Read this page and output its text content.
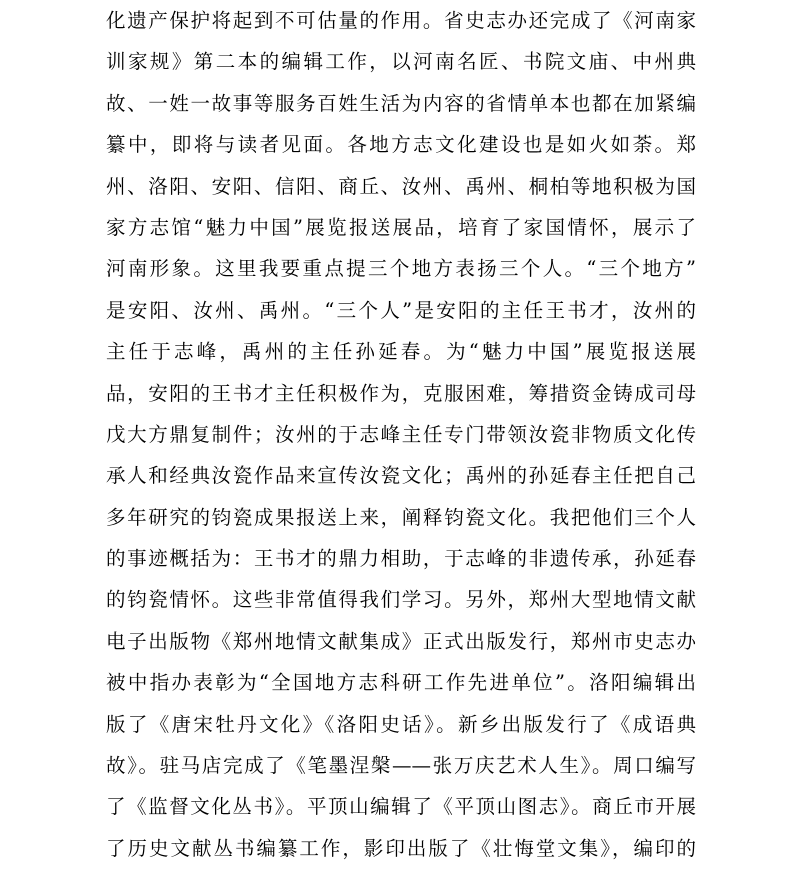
化遗产保护将起到不可估量的作用。省史志办还完成了《河南家
训家规》第二本的编辑工作，以河南名匠、书院文庙、中州典
故、一姓一故事等服务百姓生活为内容的省情单本也都在加紧编
纂中，即将与读者见面。各地方志文化建设也是如火如荼。郑
州、洛阳、安阳、信阳、商丘、汝州、禹州、桐柏等地积极为国
家方志馆“魅力中国”展览报送展品，培育了家国情怀，展示了
河南形象。这里我要重点提三个地方表扬三个人。“三个地方”
是安阳、汝州、禹州。“三个人”是安阳的主任王书才，汝州的
主任于志峰，禹州的主任孙延春。为“魅力中国”展览报送展
品，安阳的王书才主任积极作为，克服困难，筹措资金铸成司母
戊大方鼎复制件；汝州的于志峰主任专门带领汝瓷非物质文化传
承人和经典汝瓷作品来宣传汝瓷文化；禹州的孙延春主任把自己
多年研究的钧瓷成果报送上来，阐释钧瓷文化。我把他们三个人
的事迹概括为：王书才的鼎力相助，于志峰的非遗传承，孙延春
的钧瓷情怀。这些非常值得我们学习。另外，郑州大型地情文献
电子出版物《郑州地情文献集成》正式出版发行，郑州市史志办
被中指办表彰为“全国地方志科研工作先进单位”。洛阳编辑出
版了《唐宋牡丹文化》《洛阳史话》。新乡出版发行了《成语典
故》。驻马店完成了《笔墨涅槃——张万庆艺术人生》。周口编写
了《监督文化丛书》。平顶山编辑了《平顶山图志》。商丘市开展
了历史文献丛书编纂工作，影印出版了《壮悔堂文集》，编印的
